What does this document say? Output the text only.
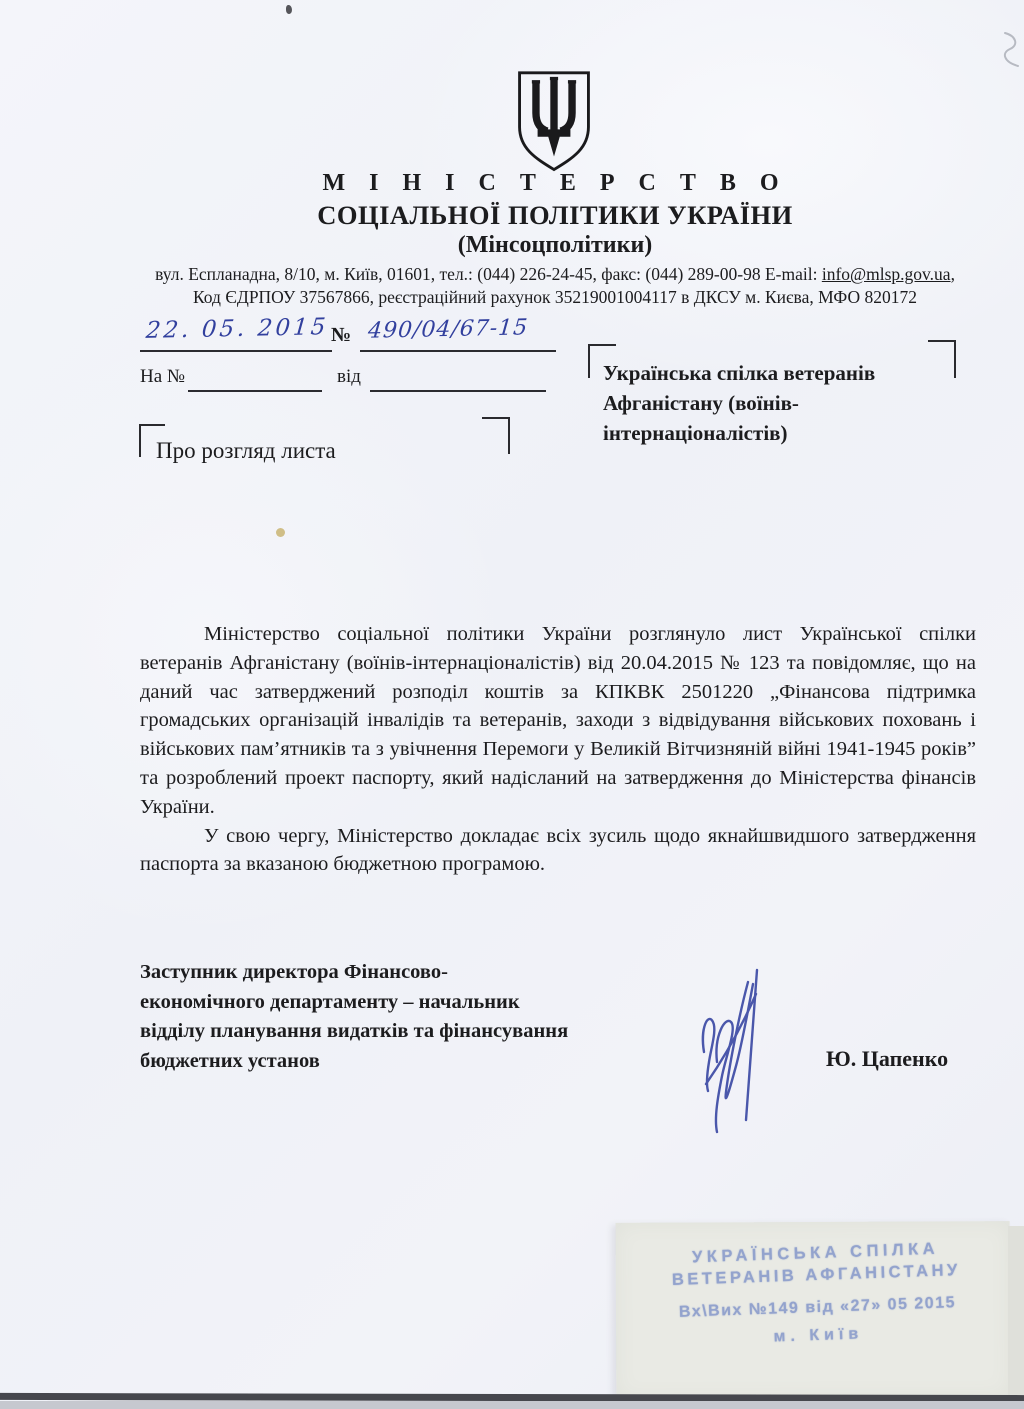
М І Н І С Т Е Р С Т В О
СОЦІАЛЬНОЇ ПОЛІТИКИ УКРАЇНИ
(Мінсоцполітики)
вул. Еспланадна, 8/10, м. Київ, 01601, тел.: (044) 226-24-45, факс: (044) 289-00-98 E-mail: info@mlsp.gov.ua,
Код ЄДРПОУ 37567866, реєстраційний рахунок 35219001004117 в ДКСУ м. Києва, МФО 820172
22. 05. 2015 № 490/04/67-15
На №	від	Українська спілка ветеранів
Афганістану (воїнів-
інтернаціоналістів)
Про розгляд листа

Міністерство соціальної політики України розглянуло лист Української спілки ветеранів Афганістану (воїнів-інтернаціоналістів) від 20.04.2015 № 123 та повідомляє, що на даний час затверджений розподіл коштів за КПКВК 2501220 „Фінансова підтримка громадських організацій інвалідів та ветеранів, заходи з відвідування військових поховань і військових пам’ятників та з увічнення Перемоги у Великій Вітчизняній війні 1941-1945 років” та розроблений проект паспорту, який надісланий на затвердження до Міністерства фінансів України.

У свою чергу, Міністерство докладає всіх зусиль щодо якнайшвидшого затвердження паспорта за вказаною бюджетною програмою.

Заступник директора Фінансово-
економічного департаменту – начальник
відділу планування видатків та фінансування
бюджетних установ	Ю. Цапенко
УКРАЇНСЬКА СПІЛКА
ВЕТЕРАНІВ АФГАНІСТАНУ
Вх\Вих №149 від «27» 05 2015
м. Київ
